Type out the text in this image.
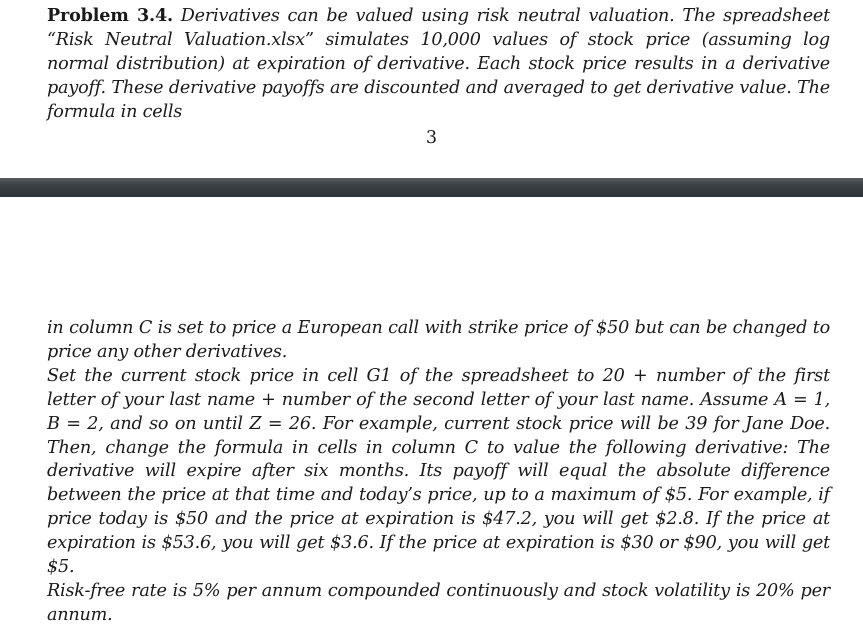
Problem 3.4. Derivatives can be valued using risk neutral valuation. The spreadsheet “Risk Neutral Valuation.xlsx” simulates 10,000 values of stock price (assuming log normal distribution) at expiration of derivative. Each stock price results in a derivative payoff. These derivative payoffs are discounted and averaged to get derivative value. The formula in cells

3

in column C is set to price a European call with strike price of $50 but can be changed to price any other derivatives.
Set the current stock price in cell G1 of the spreadsheet to 20 + number of the first letter of your last name + number of the second letter of your last name. Assume A = 1, B = 2, and so on until Z = 26. For example, current stock price will be 39 for Jane Doe. Then, change the formula in cells in column C to value the following derivative: The derivative will expire after six months. Its payoff will equal the absolute difference between the price at that time and today’s price, up to a maximum of $5. For example, if price today is $50 and the price at expiration is $47.2, you will get $2.8. If the price at expiration is $53.6, you will get $3.6. If the price at expiration is $30 or $90, you will get $5.
Risk-free rate is 5% per annum compounded continuously and stock volatility is 20% per annum.
